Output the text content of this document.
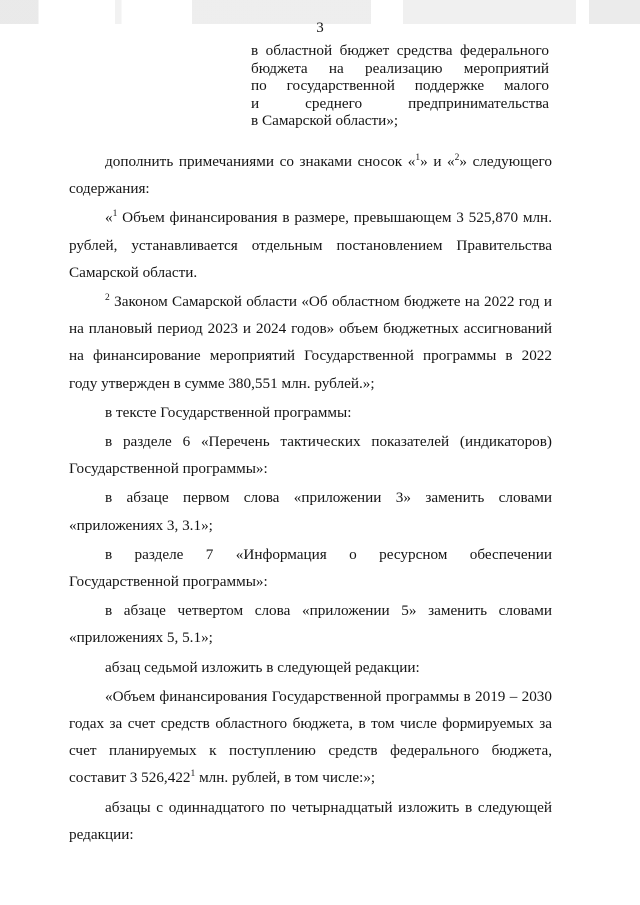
3
в областной бюджет средства федерального
бюджета на реализацию мероприятий
по государственной поддержке малого
и	среднего	предпринимательства
в Самарской области»;

дополнить примечаниями со знаками сносок «$^1$» и «$^2$» следующего содержания:

«$^1$ Объем финансирования в размере, превышающем 3 525,870 млн. рублей, устанавливается отдельным постановлением Правительства Самарской области.

$^2$ Законом Самарской области «Об областном бюджете на 2022 год и на плановый период 2023 и 2024 годов» объем бюджетных ассигнований на финансирование мероприятий Государственной программы в 2022 году утвержден в сумме 380,551 млн. рублей.»;

в тексте Государственной программы:

в разделе 6 «Перечень тактических показателей (индикаторов) Государственной программы»:

в абзаце первом слова «приложении 3» заменить словами «приложениях 3, 3.1»;

в разделе 7 «Информация о ресурсном обеспечении Государственной программы»:

в абзаце четвертом слова «приложении 5» заменить словами «приложениях 5, 5.1»;

абзац седьмой изложить в следующей редакции:

«Объем финансирования Государственной программы в 2019 – 2030 годах за счет средств областного бюджета, в том числе формируемых за счет планируемых к поступлению средств федерального бюджета, составит 3 526,422$^1$ млн. рублей, в том числе:»;

абзацы с одиннадцатого по четырнадцатый изложить в следующей редакции:
